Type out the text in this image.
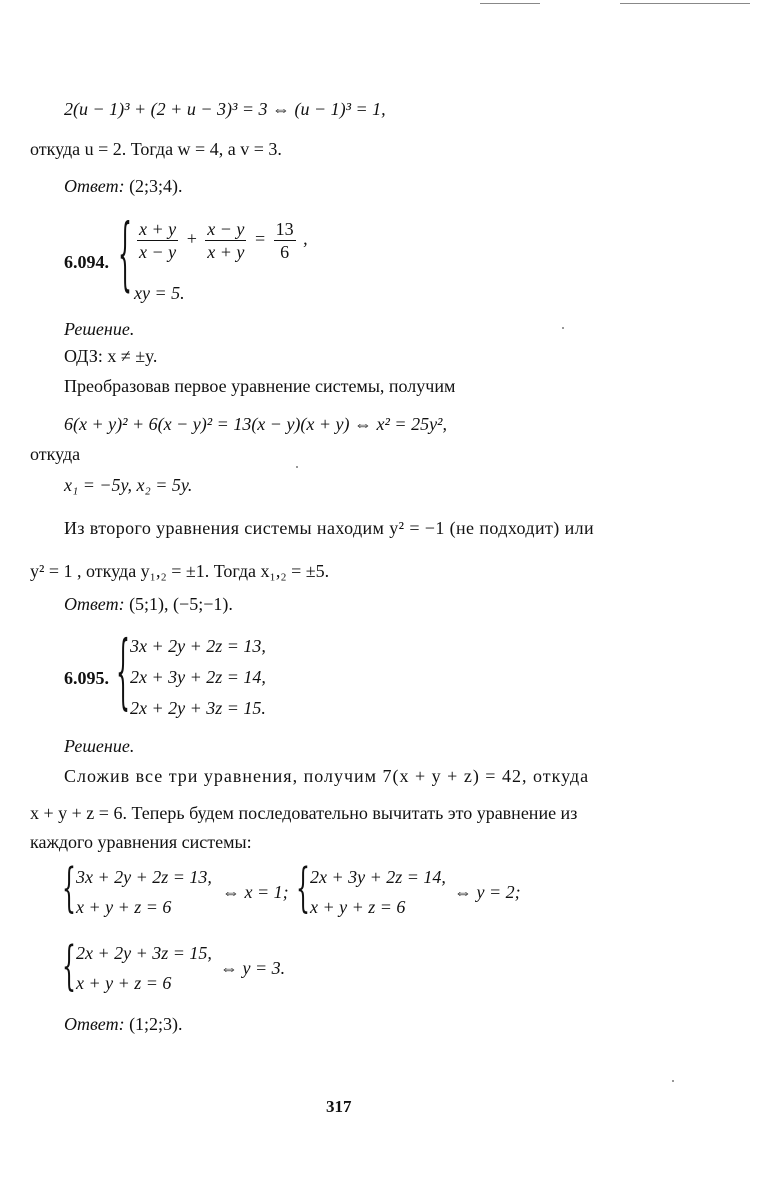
2(u − 1)³ + (2 + u − 3)³ = 3 ⇔ (u − 1)³ = 1,
откуда u = 2. Тогда w = 4, а v = 3.
Ответ: (2;3;4).
6.094. { $\frac{x + y}{x - y} + \frac{x - y}{x + y} = \frac{13}{6}$ ,
xy = 5.
Решение.
ОДЗ: x ≠ ±y.
Преобразовав первое уравнение системы, получим
6(x + y)² + 6(x − y)² = 13(x − y)(x + y) ⇔ x² = 25y²,
откуда
x₁ = −5y, x₂ = 5y.
Из второго уравнения системы находим y² = −1 (не подходит) или
y² = 1 , откуда y₁,₂ = ±1. Тогда x₁,₂ = ±5.
Ответ: (5;1), (−5;−1).
6.095. { 3x + 2y + 2z = 13,
2x + 3y + 2z = 14,
2x + 2y + 3z = 15.
Решение.
Сложив все три уравнения, получим 7(x + y + z) = 42, откуда
x + y + z = 6. Теперь будем последовательно вычитать это уравнение из
каждого уравнения системы:
{ 3x + 2y + 2z = 13,
x + y + z = 6
⇔ x = 1; { 2x + 3y + 2z = 14,
x + y + z = 6
⇔ y = 2;
{ 2x + 2y + 3z = 15,
x + y + z = 6
⇔ y = 3.
Ответ: (1;2;3).
317
